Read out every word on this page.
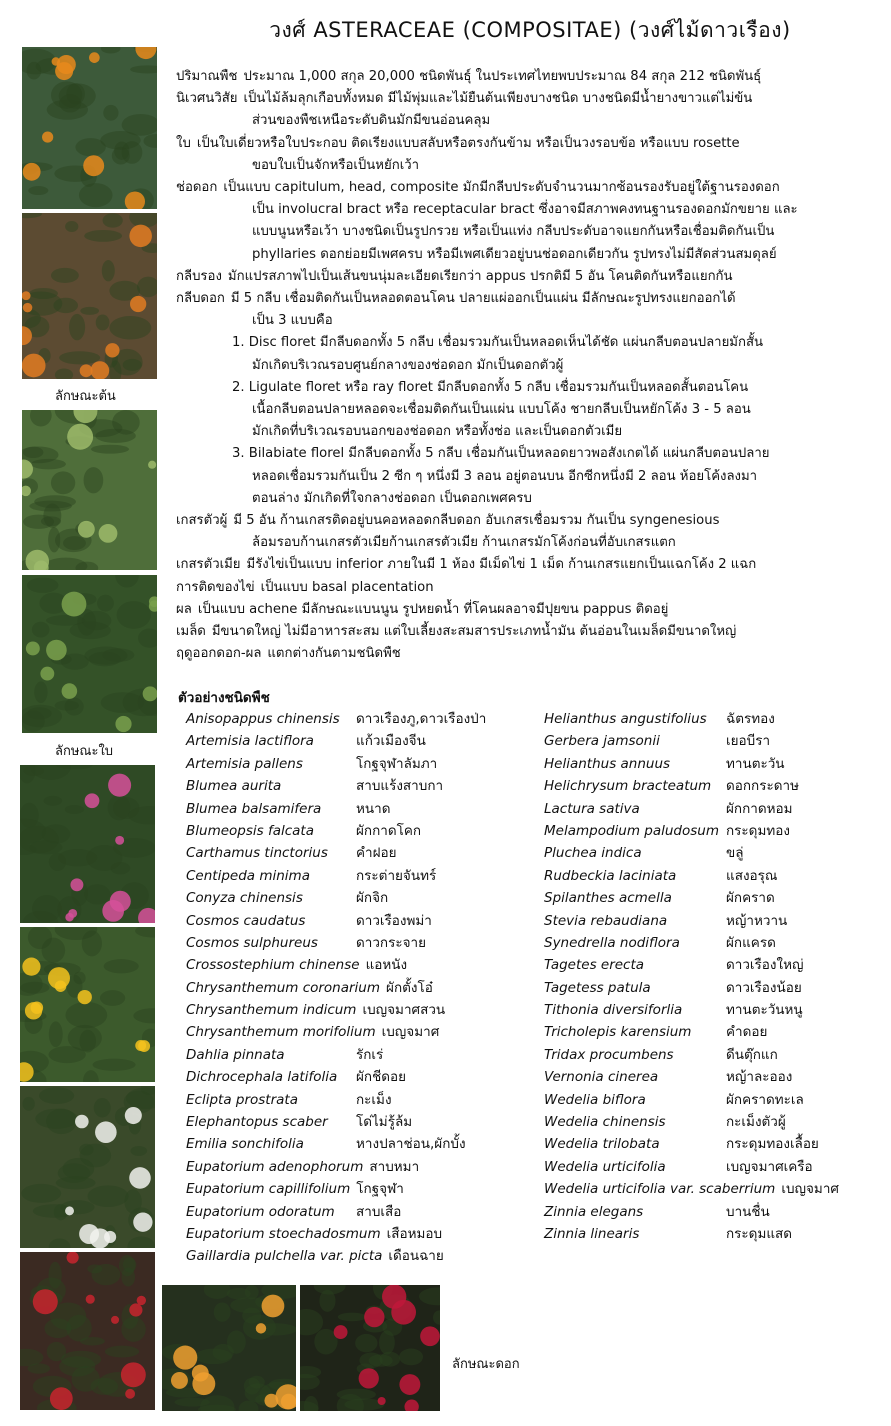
วงศ์ ASTERACEAE (COMPOSITAE) (วงศ์ไม้ดาวเรือง)
ลักษณะต้น
ลักษณะใบ
ลักษณะดอก
ปริมาณพืช ประมาณ 1,000 สกุล 20,000 ชนิดพันธุ์ ในประเทศไทยพบประมาณ 84 สกุล 212 ชนิดพันธุ์
นิเวศนวิสัย เป็นไม้ล้มลุกเกือบทั้งหมด มีไม้พุ่มและไม้ยืนต้นเพียงบางชนิด บางชนิดมีน้ำยางขาวแต่ไม่ข้น
ส่วนของพืชเหนือระดับดินมักมีขนอ่อนคลุม
ใบ เป็นใบเดี่ยวหรือใบประกอบ ติดเรียงแบบสลับหรือตรงกันข้าม หรือเป็นวงรอบข้อ หรือแบบ rosette
ขอบใบเป็นจักหรือเป็นหยักเว้า
ช่อดอก เป็นแบบ capitulum, head, composite มักมีกลีบประดับจำนวนมากซ้อนรองรับอยู่ใต้ฐานรองดอก
เป็น involucral bract หรือ receptacular bract ซึ่งอาจมีสภาพคงทนฐานรองดอกมักขยาย และ
แบบนูนหรือเว้า บางชนิดเป็นรูปกรวย หรือเป็นแท่ง กลีบประดับอาจแยกกันหรือเชื่อมติดกันเป็น
phyllaries ดอกย่อยมีเพศครบ หรือมีเพศเดียวอยู่บนช่อดอกเดียวกัน รูปทรงไม่มีสัดส่วนสมดุลย์
กลีบรอง มักแปรสภาพไปเป็นเส้นขนนุ่มละเอียดเรียกว่า appus ปรกติมี 5 อัน โคนติดกันหรือแยกกัน
กลีบดอก มี 5 กลีบ เชื่อมติดกันเป็นหลอดตอนโคน ปลายแผ่ออกเป็นแผ่น มีลักษณะรูปทรงแยกออกได้
เป็น 3 แบบคือ
1. Disc floret มีกลีบดอกทั้ง 5 กลีบ เชื่อมรวมกันเป็นหลอดเห็นได้ชัด แผ่นกลีบตอนปลายมักสั้น
มักเกิดบริเวณรอบศูนย์กลางของช่อดอก มักเป็นดอกตัวผู้
2. Ligulate floret หรือ ray floret มีกลีบดอกทั้ง 5 กลีบ เชื่อมรวมกันเป็นหลอดสั้นตอนโคน
เนื้อกลีบตอนปลายหลอดจะเชื่อมติดกันเป็นแผ่น แบบโค้ง ชายกลีบเป็นหยักโค้ง 3 - 5 ลอน
มักเกิดที่บริเวณรอบนอกของช่อดอก หรือทั้งช่อ และเป็นดอกตัวเมีย
3. Bilabiate florel มีกลีบดอกทั้ง 5 กลีบ เชื่อมกันเป็นหลอดยาวพอสังเกตได้ แผ่นกลีบตอนปลาย
หลอดเชื่อมรวมกันเป็น 2 ซีก ๆ หนึ่งมี 3 ลอน อยู่ตอนบน อีกซีกหนึ่งมี 2 ลอน ห้อยโค้งลงมา
ตอนล่าง มักเกิดที่ใจกลางช่อดอก เป็นดอกเพศครบ
เกสรตัวผู้ มี 5 อัน ก้านเกสรติดอยู่บนคอหลอดกลีบดอก อับเกสรเชื่อมรวม กันเป็น syngenesious
ล้อมรอบก้านเกสรตัวเมียก้านเกสรตัวเมีย ก้านเกสรมักโค้งก่อนที่อับเกสรแตก
เกสรตัวเมีย มีรังไข่เป็นแบบ inferior ภายในมี 1 ห้อง มีเม็ดไข่ 1 เม็ด ก้านเกสรแยกเป็นแฉกโค้ง 2 แฉก
การติดของไข่ เป็นแบบ basal placentation
ผล เป็นแบบ achene มีลักษณะแบนนูน รูปหยดน้ำ ที่โคนผลอาจมีปุยขน pappus ติดอยู่
เมล็ด มีขนาดใหญ่ ไม่มีอาหารสะสม แต่ใบเลี้ยงสะสมสารประเภทน้ำมัน ต้นอ่อนในเมล็ดมีขนาดใหญ่
ฤดูออกดอก-ผล แตกต่างกันตามชนิดพืช
ตัวอย่างชนิดพืช
Anisopappus chinensis ดาวเรืองภู,ดาวเรืองป่า
Artemisia lactiflora	แก้วเมืองจีน
Artemisia pallens	โกฐจุฬาลัมภา
Blumea aurita	สาบแร้งสาบกา
Blumea balsamifera	หนาด
Blumeopsis falcata	ผักกาดโคก
Carthamus tinctorius คำฝอย
Centipeda minima	กระต่ายจันทร์
Conyza chinensis	ผักจิก
Cosmos caudatus	ดาวเรืองพม่า
Cosmos sulphureus	ดาวกระจาย
Crossostephium chinense แอหนัง
Chrysanthemum coronarium ผักตั้งโอ๋
Chrysanthemum indicum เบญจมาศสวน
Chrysanthemum morifolium เบญจมาศ
Dahlia pinnata	รักเร่
Dichrocephala latifolia ผักชีดอย
Eclipta prostrata	กะเม็ง
Elephantopus scaber โด่ไม่รู้ล้ม
Emilia sonchifolia	หางปลาช่อน,ผักบั้ง
Eupatorium adenophorum สาบหมา
Eupatorium capillifolium โกฐจุฬา
Eupatorium odoratum สาบเสือ
Eupatorium stoechadosmum เสือหมอบ
Gaillardia pulchella var. picta เดือนฉาย
Helianthus angustifolius ฉัตรทอง
Gerbera jamsonii	เยอบีรา
Helianthus annuus	ทานตะวัน
Helichrysum bracteatum ดอกกระดาษ
Lactura sativa	ผักกาดหอม
Melampodium paludosum กระดุมทอง
Pluchea indica	ขลู่
Rudbeckia laciniata	แสงอรุณ
Spilanthes acmella	ผักคราด
Stevia rebaudiana	หญ้าหวาน
Synedrella nodiflora	ผักแครด
Tagetes erecta	ดาวเรืองใหญ่
Tagetess patula	ดาวเรืองน้อย
Tithonia diversiforlia	ทานตะวันหนู
Tricholepis karensium	คำดอย
Tridax procumbens	ดีนตุ๊กแก
Vernonia cinerea	หญ้าละออง
Wedelia biflora	ผักคราดทะเล
Wedelia chinensis	กะเม็งตัวผู้
Wedelia trilobata	กระดุมทองเลื้อย
Wedelia urticifolia	เบญจมาศเครือ
Wedelia urticifolia var. scaberrium เบญจมาศ
Zinnia elegans	บานชื่น
Zinnia linearis	กระดุมแสด
